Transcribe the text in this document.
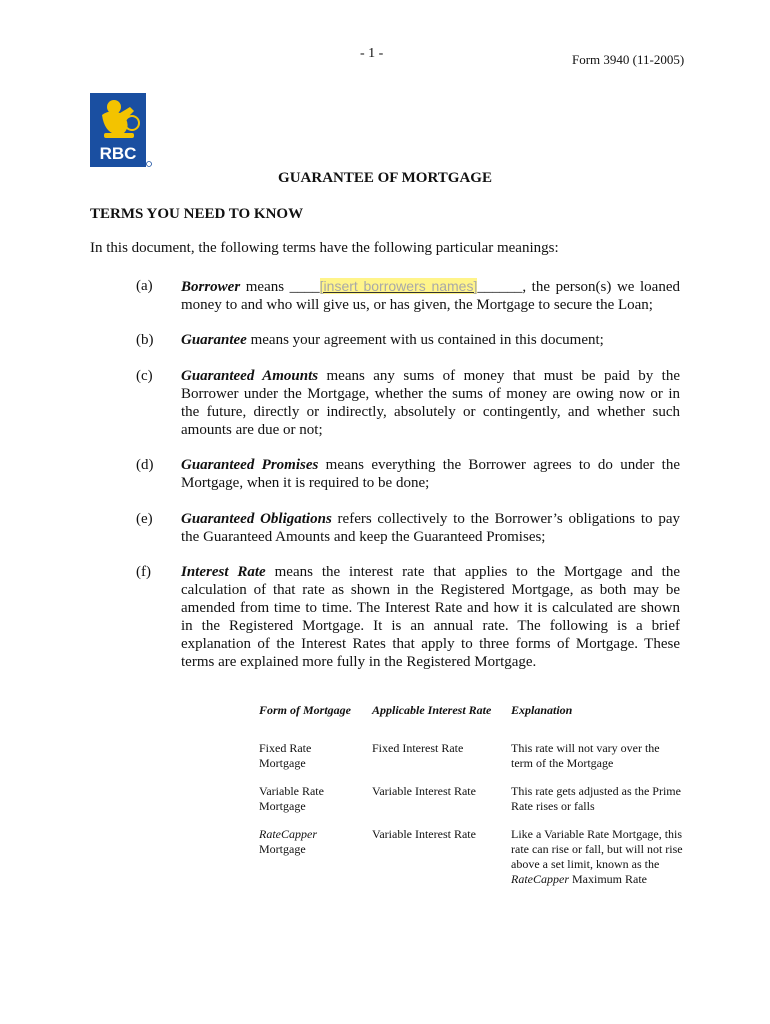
- 1 -	Form 3940 (11-2005)
RBC
GUARANTEE OF MORTGAGE
TERMS YOU NEED TO KNOW
In this document, the following terms have the following particular meanings:
(a) Borrower means ____[insert borrowers names]______, the person(s) we loaned money to and who will give us, or has given, the Mortgage to secure the Loan;
(b) Guarantee means your agreement with us contained in this document;
(c) Guaranteed Amounts means any sums of money that must be paid by the Borrower under the Mortgage, whether the sums of money are owing now or in the future, directly or indirectly, absolutely or contingently, and whether such amounts are due or not;
(d) Guaranteed Promises means everything the Borrower agrees to do under the Mortgage, when it is required to be done;
(e) Guaranteed Obligations refers collectively to the Borrower’s obligations to pay the Guaranteed Amounts and keep the Guaranteed Promises;
(f) Interest Rate means the interest rate that applies to the Mortgage and the calculation of that rate as shown in the Registered Mortgage, as both may be amended from time to time. The Interest Rate and how it is calculated are shown in the Registered Mortgage. It is an annual rate. The following is a brief explanation of the Interest Rates that apply to three forms of Mortgage. These terms are explained more fully in the Registered Mortgage.
Form of Mortgage	Applicable Interest Rate	Explanation
Fixed Rate
Mortgage
Fixed Interest Rate	This rate will not vary over the term of the Mortgage
Variable Rate
Mortgage
Variable Interest Rate	This rate gets adjusted as the Prime Rate rises or falls
RateCapper
Mortgage
Variable Interest Rate	Like a Variable Rate Mortgage, this rate can rise or fall, but will not rise above a set limit, known as the RateCapper Maximum Rate
